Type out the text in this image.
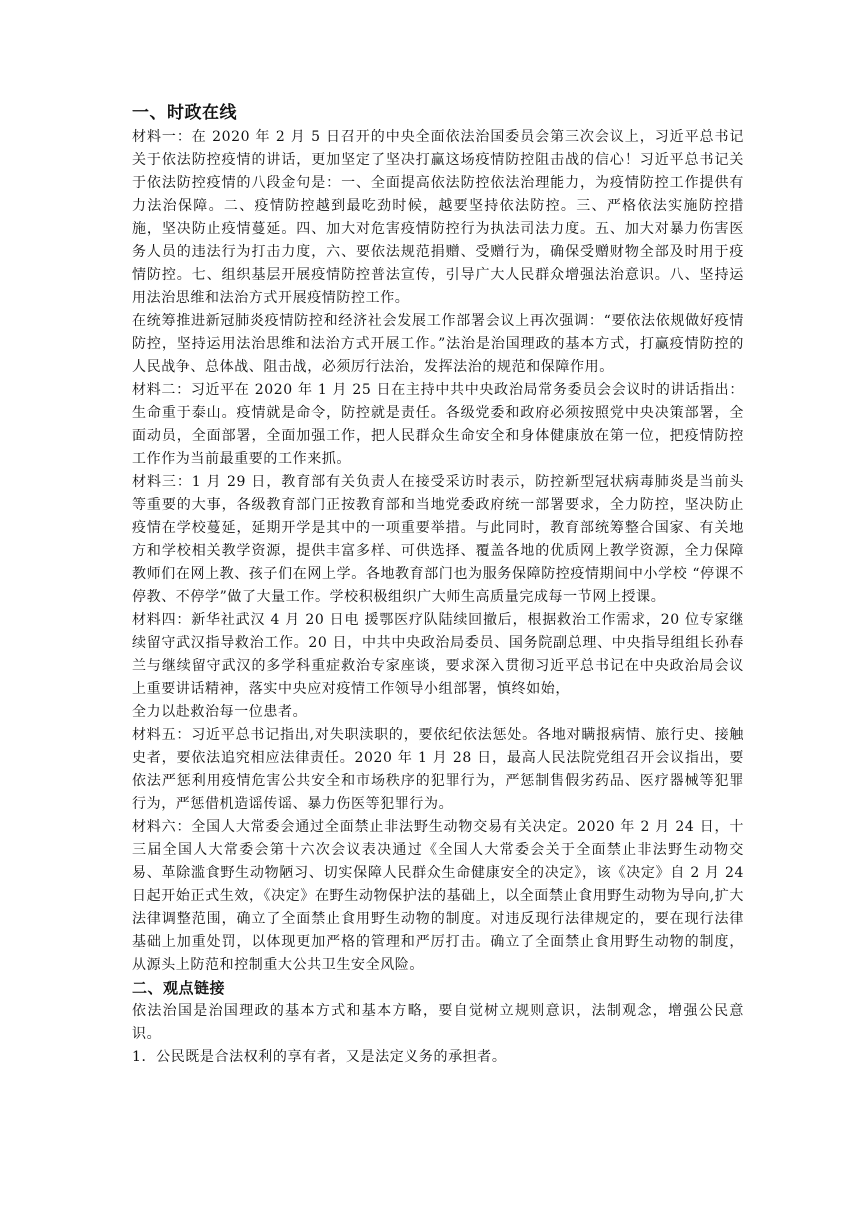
一、时政在线

材料一：在 2020 年 2 月 5 日召开的中央全面依法治国委员会第三次会议上，习近平总书记关于依法防控疫情的讲话，更加坚定了坚决打赢这场疫情防控阻击战的信心！习近平总书记关于依法防控疫情的八段金句是：一、全面提高依法防控依法治理能力，为疫情防控工作提供有力法治保障。二、疫情防控越到最吃劲时候，越要坚持依法防控。三、严格依法实施防控措施，坚决防止疫情蔓延。四、加大对危害疫情防控行为执法司法力度。五、加大对暴力伤害医务人员的违法行为打击力度，六、要依法规范捐赠、受赠行为，确保受赠财物全部及时用于疫情防控。七、组织基层开展疫情防控普法宣传，引导广大人民群众增强法治意识。八、坚持运用法治思维和法治方式开展疫情防控工作。

在统筹推进新冠肺炎疫情防控和经济社会发展工作部署会议上再次强调：“要依法依规做好疫情防控，坚持运用法治思维和法治方式开展工作。”法治是治国理政的基本方式，打赢疫情防控的人民战争、总体战、阻击战，必须厉行法治，发挥法治的规范和保障作用。

材料二：习近平在 2020 年 1 月 25 日在主持中共中央政治局常务委员会会议时的讲话指出：生命重于泰山。疫情就是命令，防控就是责任。各级党委和政府必须按照党中央决策部署，全面动员，全面部署，全面加强工作，把人民群众生命安全和身体健康放在第一位，把疫情防控工作作为当前最重要的工作来抓。

材料三：1 月 29 日，教育部有关负责人在接受采访时表示，防控新型冠状病毒肺炎是当前头等重要的大事，各级教育部门正按教育部和当地党委政府统一部署要求，全力防控，坚决防止疫情在学校蔓延，延期开学是其中的一项重要举措。与此同时，教育部统筹整合国家、有关地方和学校相关教学资源，提供丰富多样、可供选择、覆盖各地的优质网上教学资源，全力保障教师们在网上教、孩子们在网上学。各地教育部门也为服务保障防控疫情期间中小学校 “停课不停教、不停学”做了大量工作。学校积极组织广大师生高质量完成每一节网上授课。

材料四：新华社武汉 4 月 20 日电 援鄂医疗队陆续回撤后，根据救治工作需求，20 位专家继续留守武汉指导救治工作。20 日，中共中央政治局委员、国务院副总理、中央指导组组长孙春兰与继续留守武汉的多学科重症救治专家座谈，要求深入贯彻习近平总书记在中央政治局会议上重要讲话精神，落实中央应对疫情工作领导小组部署，慎终如始，

全力以赴救治每一位患者。

材料五：习近平总书记指出,对失职渎职的，要依纪依法惩处。各地对瞒报病情、旅行史、接触史者，要依法追究相应法律责任。2020 年 1 月 28 日，最高人民法院党组召开会议指出，要依法严惩利用疫情危害公共安全和市场秩序的犯罪行为，严惩制售假劣药品、医疗器械等犯罪行为，严惩借机造谣传谣、暴力伤医等犯罪行为。

材料六：全国人大常委会通过全面禁止非法野生动物交易有关决定。2020 年 2 月 24 日，十三届全国人大常委会第十六次会议表决通过《全国人大常委会关于全面禁止非法野生动物交易、革除滥食野生动物陋习、切实保障人民群众生命健康安全的决定》，该《决定》自 2 月 24 日起开始正式生效，《决定》在野生动物保护法的基础上，以全面禁止食用野生动物为导向,扩大法律调整范围，确立了全面禁止食用野生动物的制度。对违反现行法律规定的，要在现行法律基础上加重处罚，以体现更加严格的管理和严厉打击。确立了全面禁止食用野生动物的制度，从源头上防范和控制重大公共卫生安全风险。

二、观点链接

依法治国是治国理政的基本方式和基本方略，要自觉树立规则意识，法制观念，增强公民意识。

1．公民既是合法权利的享有者，又是法定义务的承担者。
